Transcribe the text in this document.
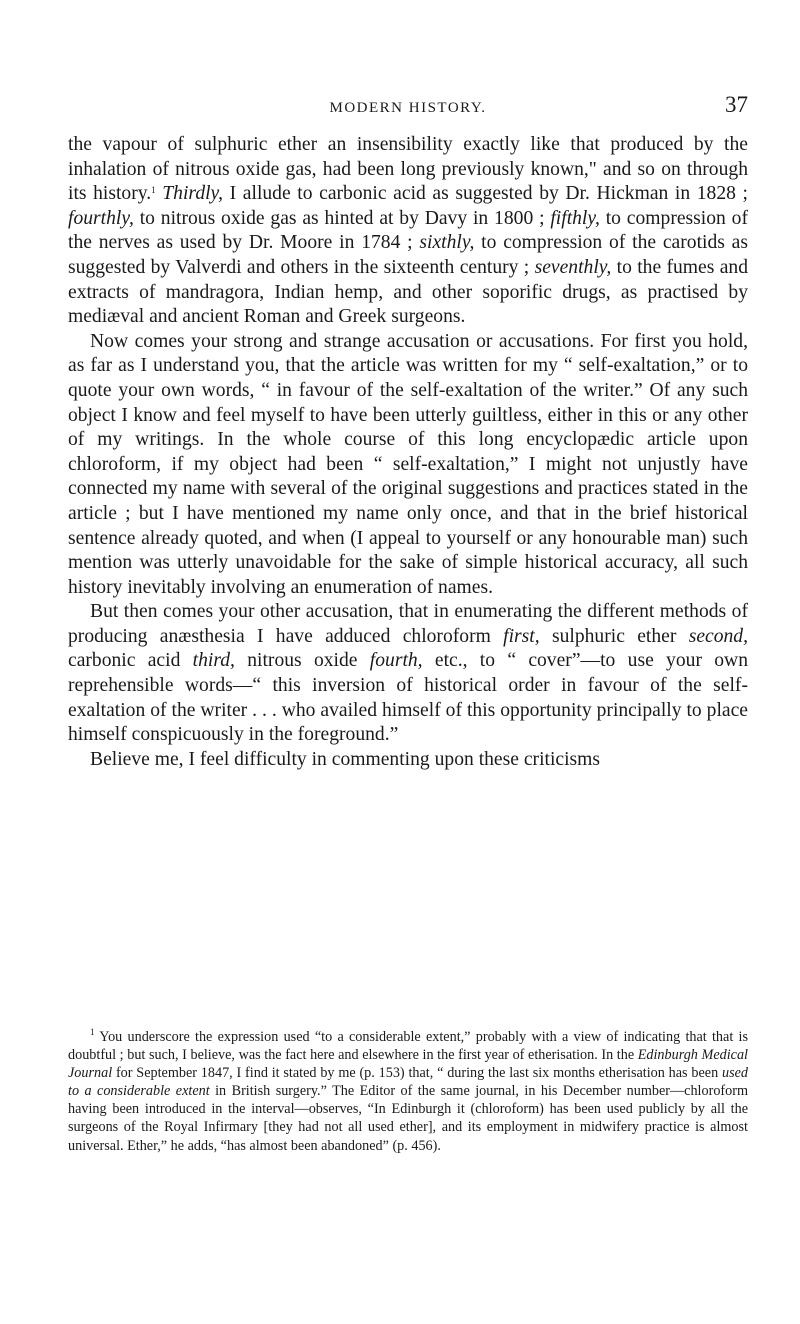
MODERN HISTORY.	37

the vapour of sulphuric ether an insensibility exactly like that produced by the inhalation of nitrous oxide gas, had been long previously known," and so on through its history.$^1$ Thirdly, I allude to carbonic acid as suggested by Dr. Hickman in 1828 ; fourthly, to nitrous oxide gas as hinted at by Davy in 1800 ; fifthly, to compression of the nerves as used by Dr. Moore in 1784 ; sixthly, to compression of the carotids as suggested by Valverdi and others in the sixteenth century ; seventhly, to the fumes and extracts of mandragora, Indian hemp, and other soporific drugs, as practised by mediæval and ancient Roman and Greek surgeons.

Now comes your strong and strange accusation or accusations. For first you hold, as far as I understand you, that the article was written for my “ self-exaltation,” or to quote your own words, “ in favour of the self-exaltation of the writer.” Of any such object I know and feel myself to have been utterly guiltless, either in this or any other of my writings. In the whole course of this long encyclopædic article upon chloroform, if my object had been “ self-exaltation,” I might not unjustly have connected my name with several of the original suggestions and practices stated in the article ; but I have mentioned my name only once, and that in the brief historical sentence already quoted, and when (I appeal to yourself or any honourable man) such mention was utterly unavoidable for the sake of simple historical accuracy, all such history inevitably involving an enumeration of names.

But then comes your other accusation, that in enumerating the different methods of producing anæsthesia I have adduced chloroform first, sulphuric ether second, carbonic acid third, nitrous oxide fourth, etc., to “ cover”—to use your own reprehensible words—“ this inversion of historical order in favour of the self-exaltation of the writer . . . who availed himself of this opportunity principally to place himself conspicuously in the foreground.”

Believe me, I feel difficulty in commenting upon these criticisms

$^1$ You underscore the expression used “to a considerable extent,” probably with a view of indicating that that is doubtful ; but such, I believe, was the fact here and elsewhere in the first year of etherisation. In the Edinburgh Medical Journal for September 1847, I find it stated by me (p. 153) that, “ during the last six months etherisation has been used to a considerable extent in British surgery.” The Editor of the same journal, in his December number—chloroform having been introduced in the interval—observes, “In Edinburgh it (chloroform) has been used publicly by all the surgeons of the Royal Infirmary [they had not all used ether], and its employment in midwifery practice is almost universal. Ether,” he adds, “has almost been abandoned” (p. 456).
